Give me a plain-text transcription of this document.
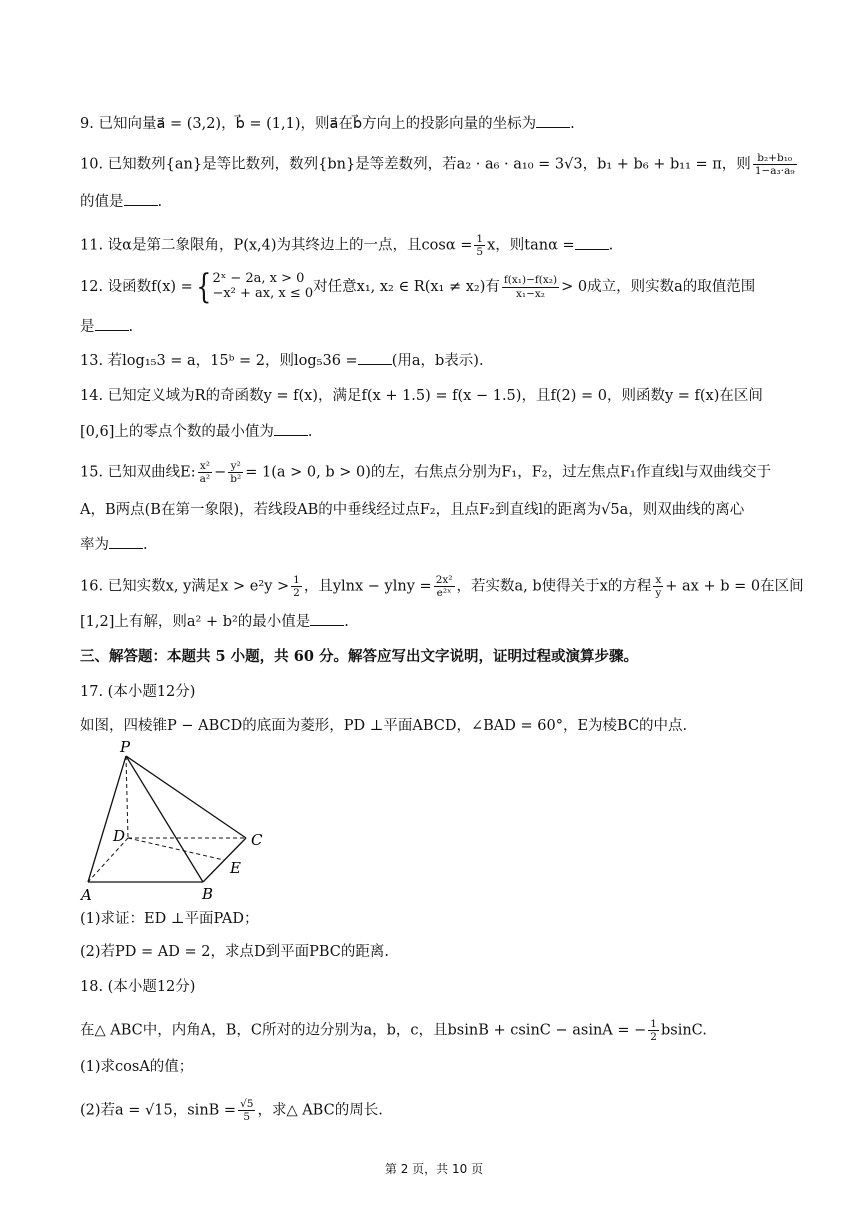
9. 已知向量a⃗ = (3,2)，b⃗ = (1,1)，则a⃗在b⃗方向上的投影向量的坐标为 .
10. 已知数列{an}是等比数列，数列{bn}是等差数列，若a₂ · a₆ · a₁₀ = 3√3，b₁ + b₆ + b₁₁ = π，则 $\frac{\text{b₂+b₁₀}}{\text{1−a₃·a₉}}$
的值是 .
11. 设α是第二象限角，P(x,4)为其终边上的一点，且$\cos\alpha = \frac{1}{5}$ x，则tanα = .
12. 设函数f(x) ={ 2ˣ − 2a, x > 0
−x² + ax, x ≤ 0 对任意x₁, x₂ ∈ R(x₁ ≠ x₂)有 $\frac{\text{f(x₁)−f(x₂)}}{\text{x₁−x₂}} > 0$成立，则实数a的取值范围
是 .
13. 若log₁₅3 = a，15ᵇ = 2，则log₅36 = (用a，b表示).
14. 已知定义域为R的奇函数y = f(x)，满足f(x + 1.5) = f(x − 1.5)，且f(2) = 0，则函数y = f(x)在区间
[0,6]上的零点个数的最小值为 .
15. 已知双曲线E: $\frac{\text{x²}}{\text{a²}} - \frac{\text{y²}}{\text{b²}} = 1(a > 0$, b > 0)的左，右焦点分别为F₁，F₂，过左焦点F₁作直线l与双曲线交于
A，B两点(B在第一象限)，若线段AB的中垂线经过点F₂，且点F₂到直线l的距离为√5a，则双曲线的离心
率为 .
16. 已知实数x, y满足$x > e^2y > \frac{1}{2}$ ，且$ylnx - ylny = \frac{\text{2x²}}{\text{e²ˣ}}$ ，若实数a, b使得关于x的方程 $\frac{x}{y}$ + ax + b = 0在区间
[1,2]上有解，则a² + b²的最小值是 .
三、解答题：本题共 5 小题，共 60 分。解答应写出文字说明，证明过程或演算步骤。
17. (本小题12分)
如图，四棱锥P − ABCD的底面为菱形，PD ⊥平面ABCD，∠BAD = 60°，E为棱BC的中点.
P
D	C
E
A	B
(1)求证：ED ⊥平面PAD；
(2)若PD = AD = 2，求点D到平面PBC的距离.
18. (本小题12分)
在△ ABC中，内角A，B，C所对的边分别为a，b，c，且bsinB + csinC − asinA = − $\frac{1}{2} bsinC$.
(1)求cosA的值；
(2)若a = √15，$\sin B = \frac{√5}{5}$ ，求△ ABC的周长.
第 2 页，共 10 页
